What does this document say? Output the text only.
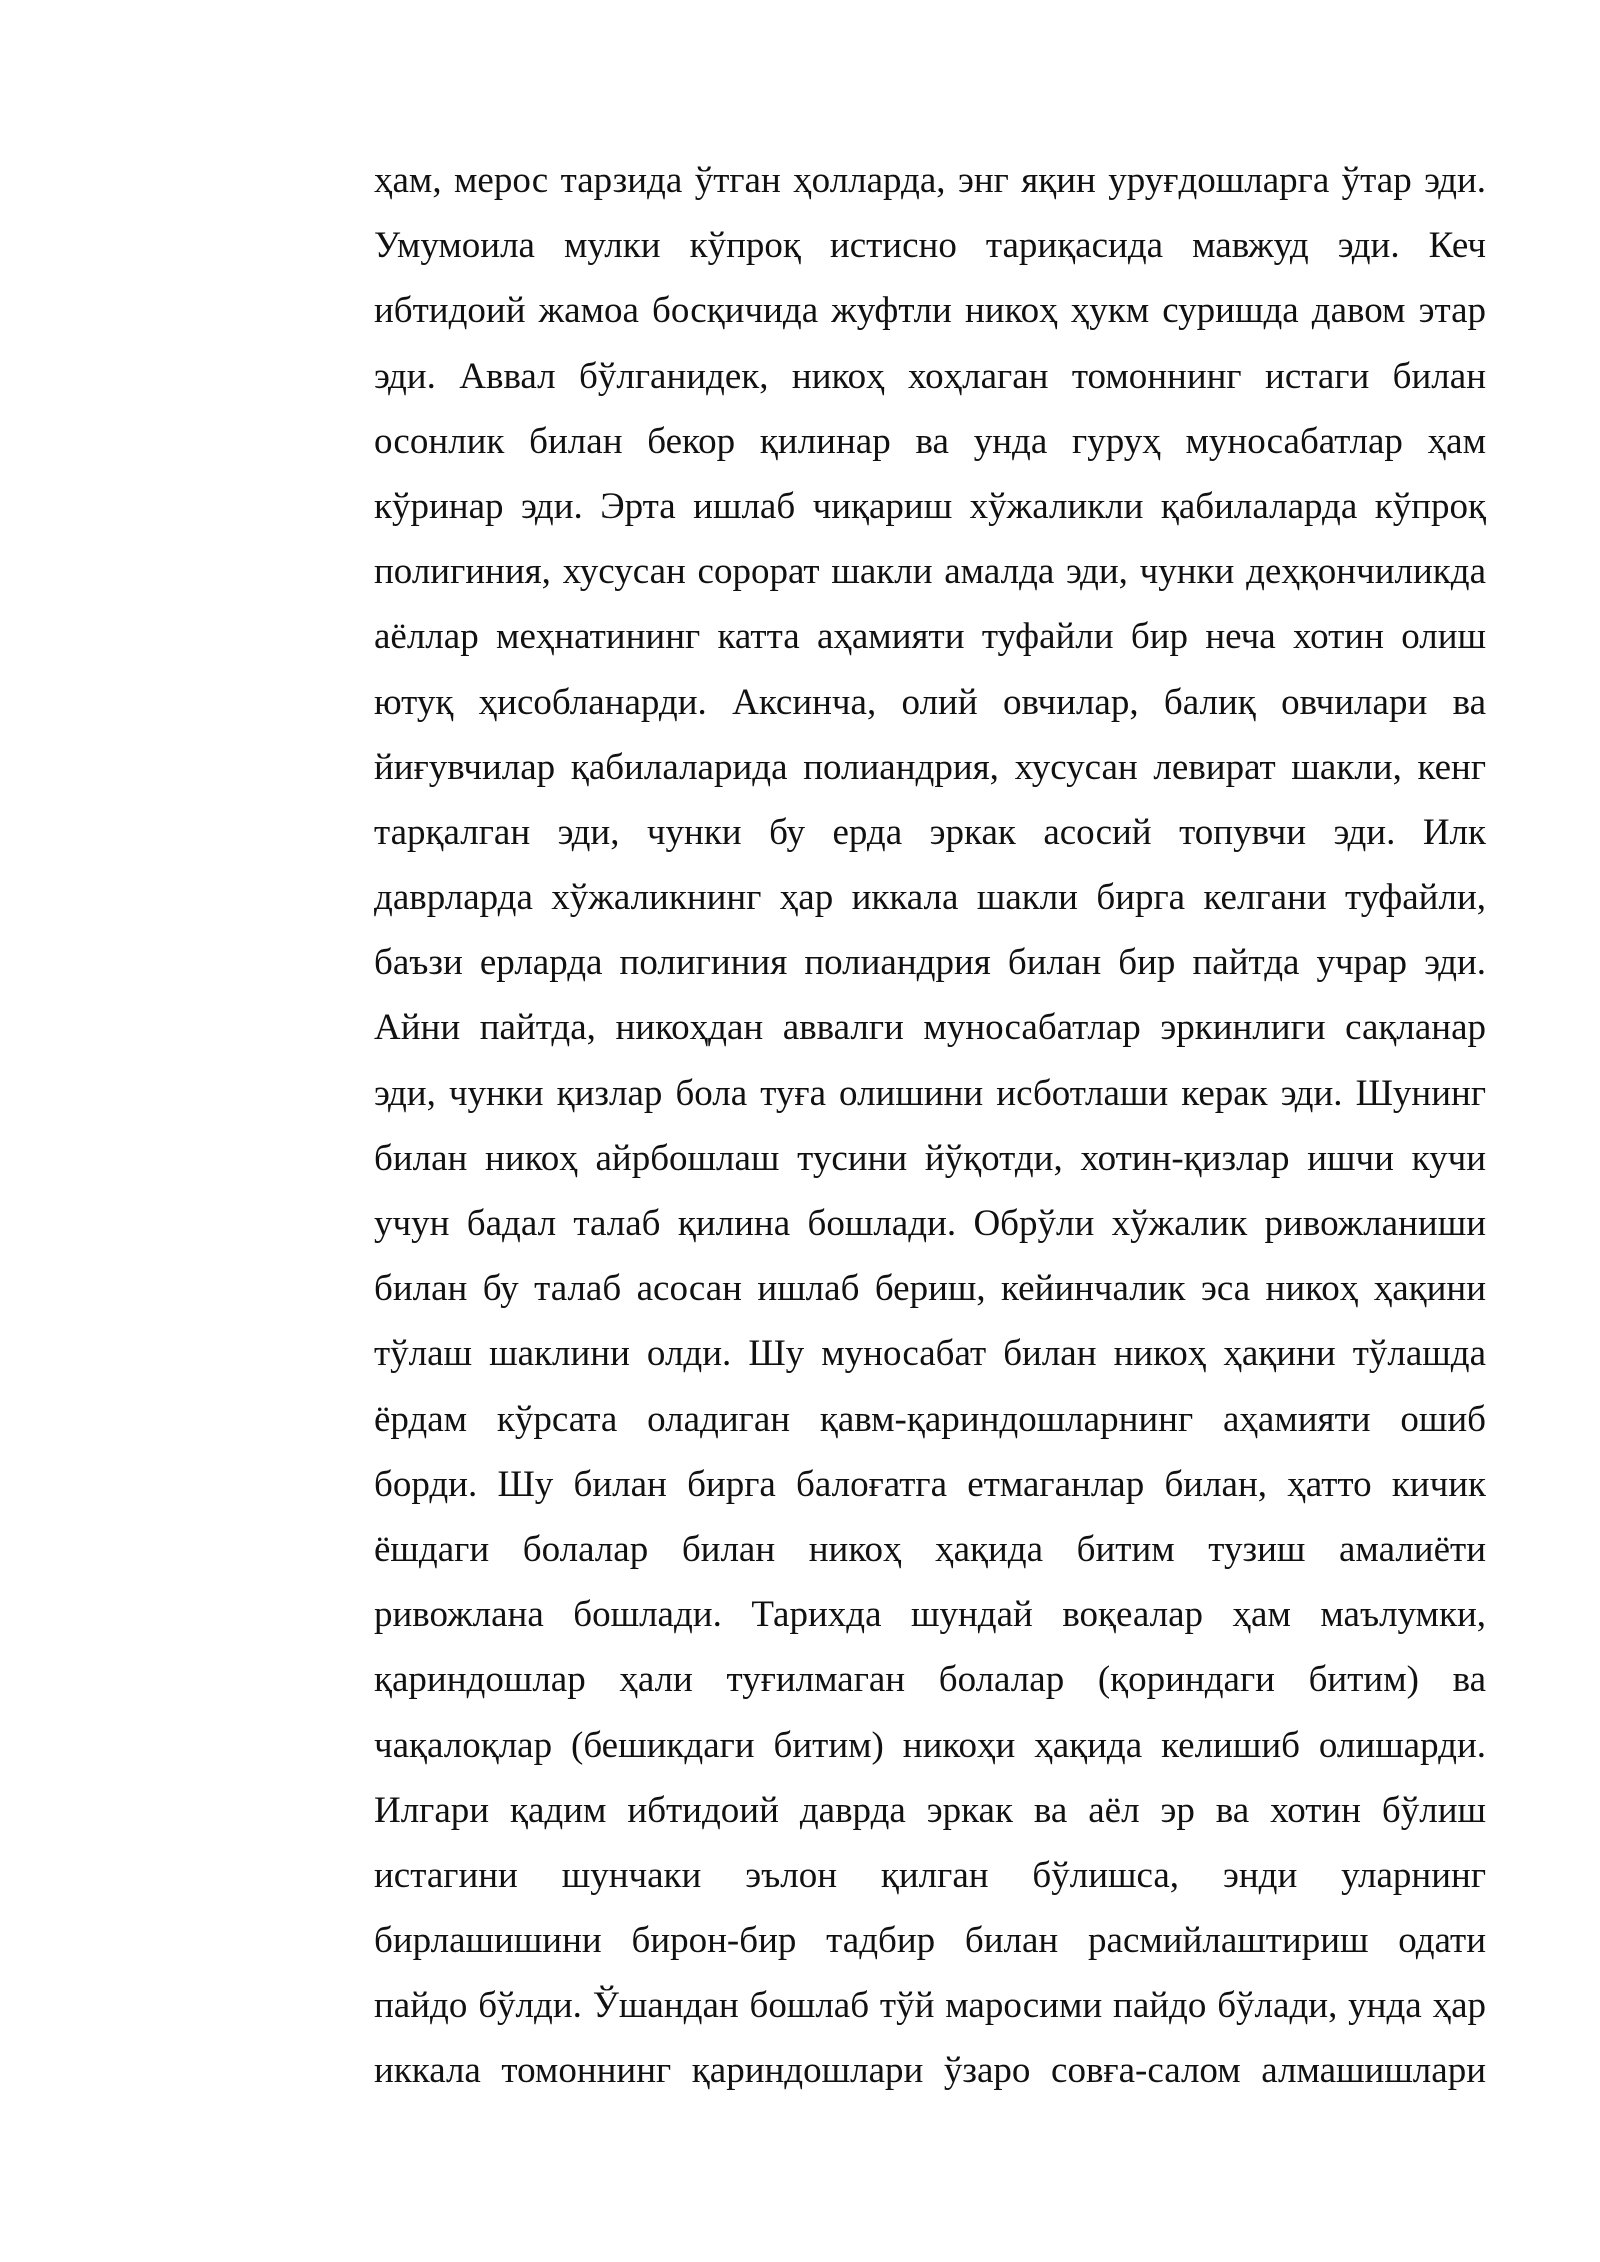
ҳам, мерос тарзида ўтган ҳолларда, энг яқин уруғдошларга ўтар эди.
Умумоила мулки кўпроқ истисно тариқасида мавжуд эди. Кеч
ибтидоий жамоа босқичида жуфтли никоҳ ҳукм суришда давом этар
эди. Аввал бўлганидек, никоҳ хоҳлаган томоннинг истаги билан
осонлик билан бекор қилинар ва унда гуруҳ муносабатлар ҳам
кўринар эди. Эрта ишлаб чиқариш хўжаликли қабилаларда кўпроқ
полигиния, хусусан сорорат шакли амалда эди, чунки деҳқончиликда
аёллар меҳнатининг катта аҳамияти туфайли бир неча хотин олиш
ютуқ ҳисобланарди. Аксинча, олий овчилар, балиқ овчилари ва
йиғувчилар қабилаларида полиандрия, хусусан левират шакли, кенг
тарқалган эди, чунки бу ерда эркак асосий топувчи эди. Илк
даврларда хўжаликнинг ҳар иккала шакли бирга келгани туфайли,
баъзи ерларда полигиния полиандрия билан бир пайтда учрар эди.
Айни пайтда, никоҳдан аввалги муносабатлар эркинлиги сақланар
эди, чунки қизлар бола туға олишини исботлаши керак эди. Шунинг
билан никоҳ айрбошлаш тусини йўқотди, хотин-қизлар ишчи кучи
учун бадал талаб қилина бошлади. Обрўли хўжалик ривожланиши
билан бу талаб асосан ишлаб бериш, кейинчалик эса никоҳ ҳақини
тўлаш шаклини олди. Шу муносабат билан никоҳ ҳақини тўлашда
ёрдам кўрсата оладиган қавм-қариндошларнинг аҳамияти ошиб
борди. Шу билан бирга балоғатга етмаганлар билан, ҳатто кичик
ёшдаги болалар билан никоҳ ҳақида битим тузиш амалиёти
ривожлана бошлади. Тарихда шундай воқеалар ҳам маълумки,
қариндошлар ҳали туғилмаган болалар (қориндаги битим) ва
чақалоқлар (бешикдаги битим) никоҳи ҳақида келишиб олишарди.
Илгари қадим ибтидоий даврда эркак ва аёл эр ва хотин бўлиш
истагини шунчаки эълон қилган бўлишса, энди уларнинг
бирлашишини бирон-бир тадбир билан расмийлаштириш одати
пайдо бўлди. Ўшандан бошлаб тўй маросими пайдо бўлади, унда ҳар
иккала томоннинг қариндошлари ўзаро совға-салом алмашишлари
